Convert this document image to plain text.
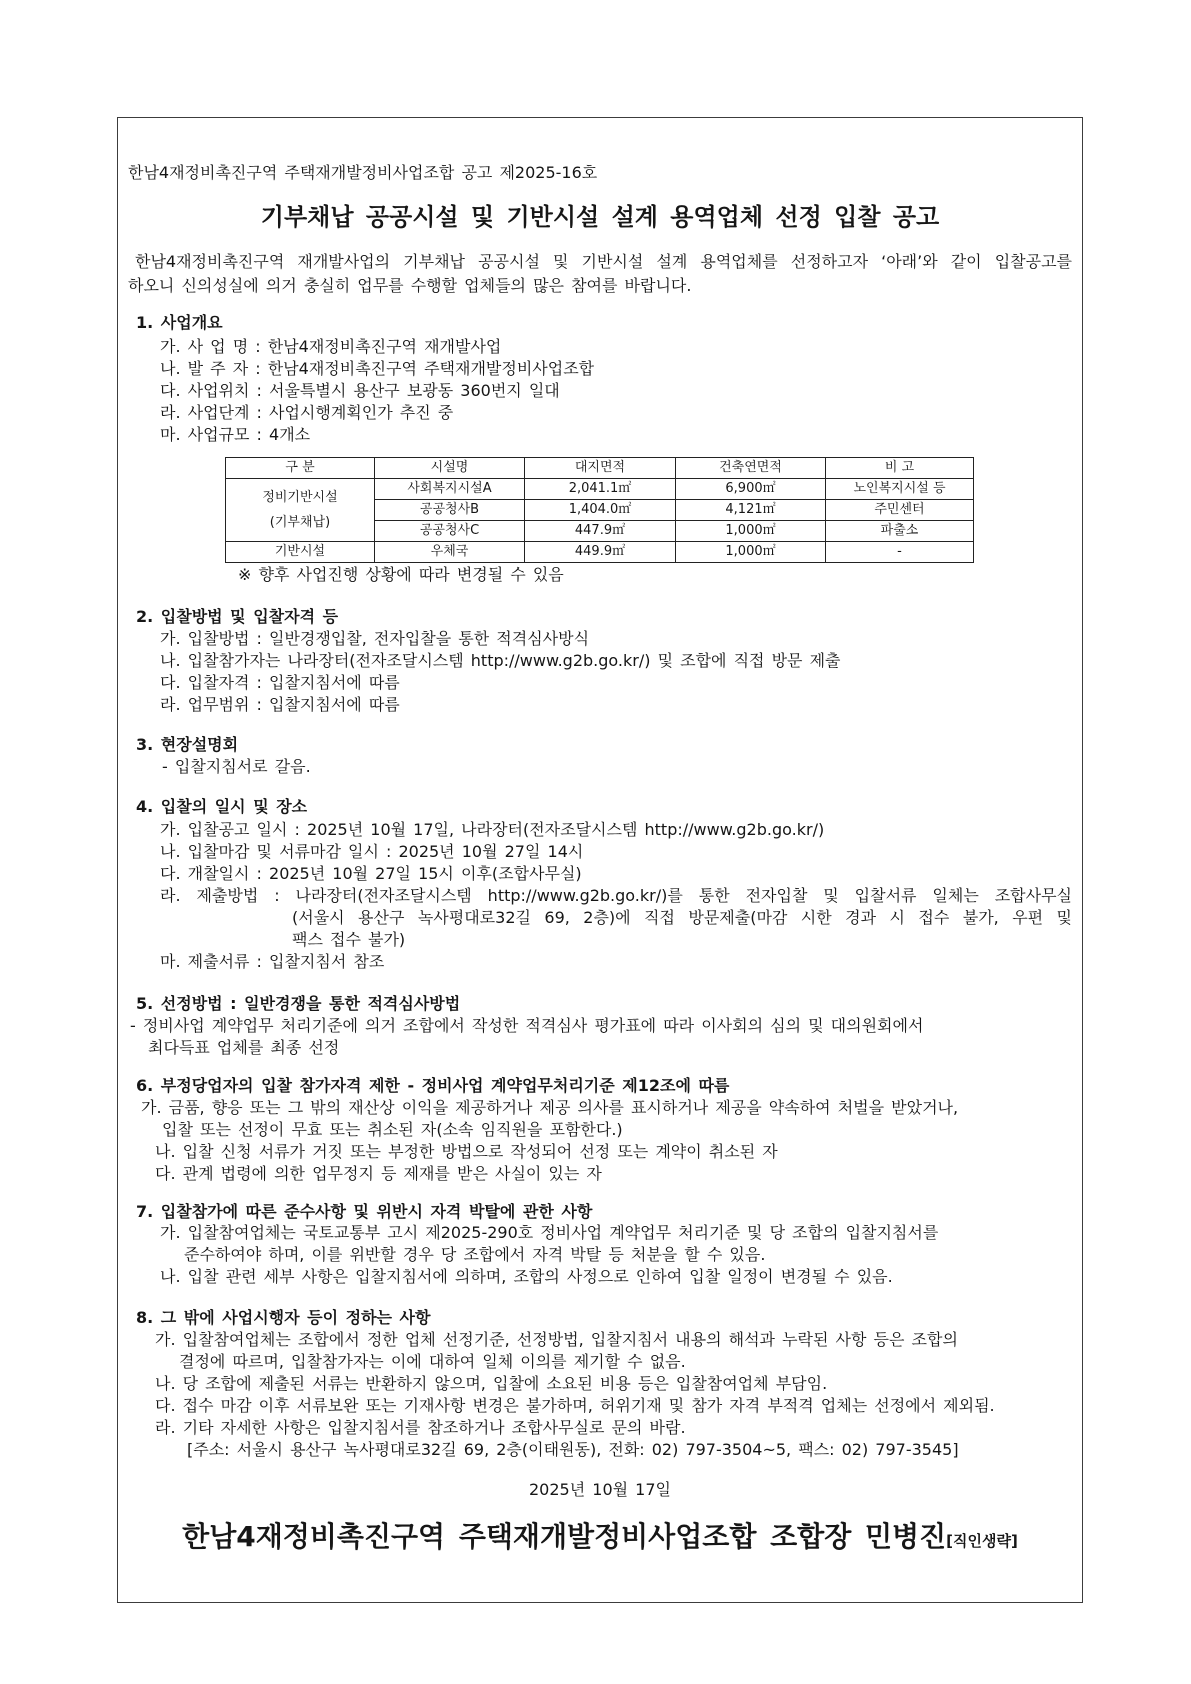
한남4재정비촉진구역 주택재개발정비사업조합 공고 제2025-16호
기부채납 공공시설 및 기반시설 설계 용역업체 선정 입찰 공고
한남4재정비촉진구역 재개발사업의 기부채납 공공시설 및 기반시설 설계 용역업체를 선정하고자 ‘아래’와 같이 입찰공고를
하오니 신의성실에 의거 충실히 업무를 수행할 업체들의 많은 참여를 바랍니다.
1. 사업개요
가. 사 업 명 : 한남4재정비촉진구역 재개발사업
나. 발 주 자 : 한남4재정비촉진구역 주택재개발정비사업조합
다. 사업위치 : 서울특별시 용산구 보광동 360번지 일대
라. 사업단계 : 사업시행계획인가 추진 중
마. 사업규모 : 4개소
구 분	시설명	대지면적	건축연면적	비 고

정비기반시설
(기부채납)	사회복지시설A	2,041.1㎡	6,900㎡	노인복지시설 등
	공공청사B	1,404.0㎡	4,121㎡	주민센터
	공공청사C	447.9㎡	1,000㎡	파출소

기반시설	우체국	449.9㎡	1,000㎡	-
※ 향후 사업진행 상황에 따라 변경될 수 있음
2. 입찰방법 및 입찰자격 등
가. 입찰방법 : 일반경쟁입찰, 전자입찰을 통한 적격심사방식
나. 입찰참가자는 나라장터(전자조달시스템 http://www.g2b.go.kr/) 및 조합에 직접 방문 제출
다. 입찰자격 : 입찰지침서에 따름
라. 업무범위 : 입찰지침서에 따름
3. 현장설명회
- 입찰지침서로 갈음.
4. 입찰의 일시 및 장소
가. 입찰공고 일시 : 2025년 10월 17일, 나라장터(전자조달시스템 http://www.g2b.go.kr/)
나. 입찰마감 및 서류마감 일시 : 2025년 10월 27일 14시
다. 개찰일시 : 2025년 10월 27일 15시 이후(조합사무실)
라. 제출방법 : 나라장터(전자조달시스템 http://www.g2b.go.kr/)를 통한 전자입찰 및 입찰서류 일체는 조합사무실
(서울시 용산구 녹사평대로32길 69, 2층)에 직접 방문제출(마감 시한 경과 시 접수 불가, 우편 및
팩스 접수 불가)
마. 제출서류 : 입찰지침서 참조
5. 선정방법 : 일반경쟁을 통한 적격심사방법
- 정비사업 계약업무 처리기준에 의거 조합에서 작성한 적격심사 평가표에 따라 이사회의 심의 및 대의원회에서
최다득표 업체를 최종 선정
6. 부정당업자의 입찰 참가자격 제한 - 정비사업 계약업무처리기준 제12조에 따름
가. 금품, 향응 또는 그 밖의 재산상 이익을 제공하거나 제공 의사를 표시하거나 제공을 약속하여 처벌을 받았거나,
입찰 또는 선정이 무효 또는 취소된 자(소속 임직원을 포함한다.)
나. 입찰 신청 서류가 거짓 또는 부정한 방법으로 작성되어 선정 또는 계약이 취소된 자
다. 관계 법령에 의한 업무정지 등 제재를 받은 사실이 있는 자
7. 입찰참가에 따른 준수사항 및 위반시 자격 박탈에 관한 사항
가. 입찰참여업체는 국토교통부 고시 제2025-290호 정비사업 계약업무 처리기준 및 당 조합의 입찰지침서를
준수하여야 하며, 이를 위반할 경우 당 조합에서 자격 박탈 등 처분을 할 수 있음.
나. 입찰 관련 세부 사항은 입찰지침서에 의하며, 조합의 사정으로 인하여 입찰 일정이 변경될 수 있음.
8. 그 밖에 사업시행자 등이 정하는 사항
가. 입찰참여업체는 조합에서 정한 업체 선정기준, 선정방법, 입찰지침서 내용의 해석과 누락된 사항 등은 조합의
결정에 따르며, 입찰참가자는 이에 대하여 일체 이의를 제기할 수 없음.
나. 당 조합에 제출된 서류는 반환하지 않으며, 입찰에 소요된 비용 등은 입찰참여업체 부담임.
다. 접수 마감 이후 서류보완 또는 기재사항 변경은 불가하며, 허위기재 및 참가 자격 부적격 업체는 선정에서 제외됨.
라. 기타 자세한 사항은 입찰지침서를 참조하거나 조합사무실로 문의 바람.
[주소: 서울시 용산구 녹사평대로32길 69, 2층(이태원동), 전화: 02) 797-3504~5, 팩스: 02) 797-3545]
2025년 10월 17일
한남4재정비촉진구역 주택재개발정비사업조합 조합장 민병진[직인생략]
